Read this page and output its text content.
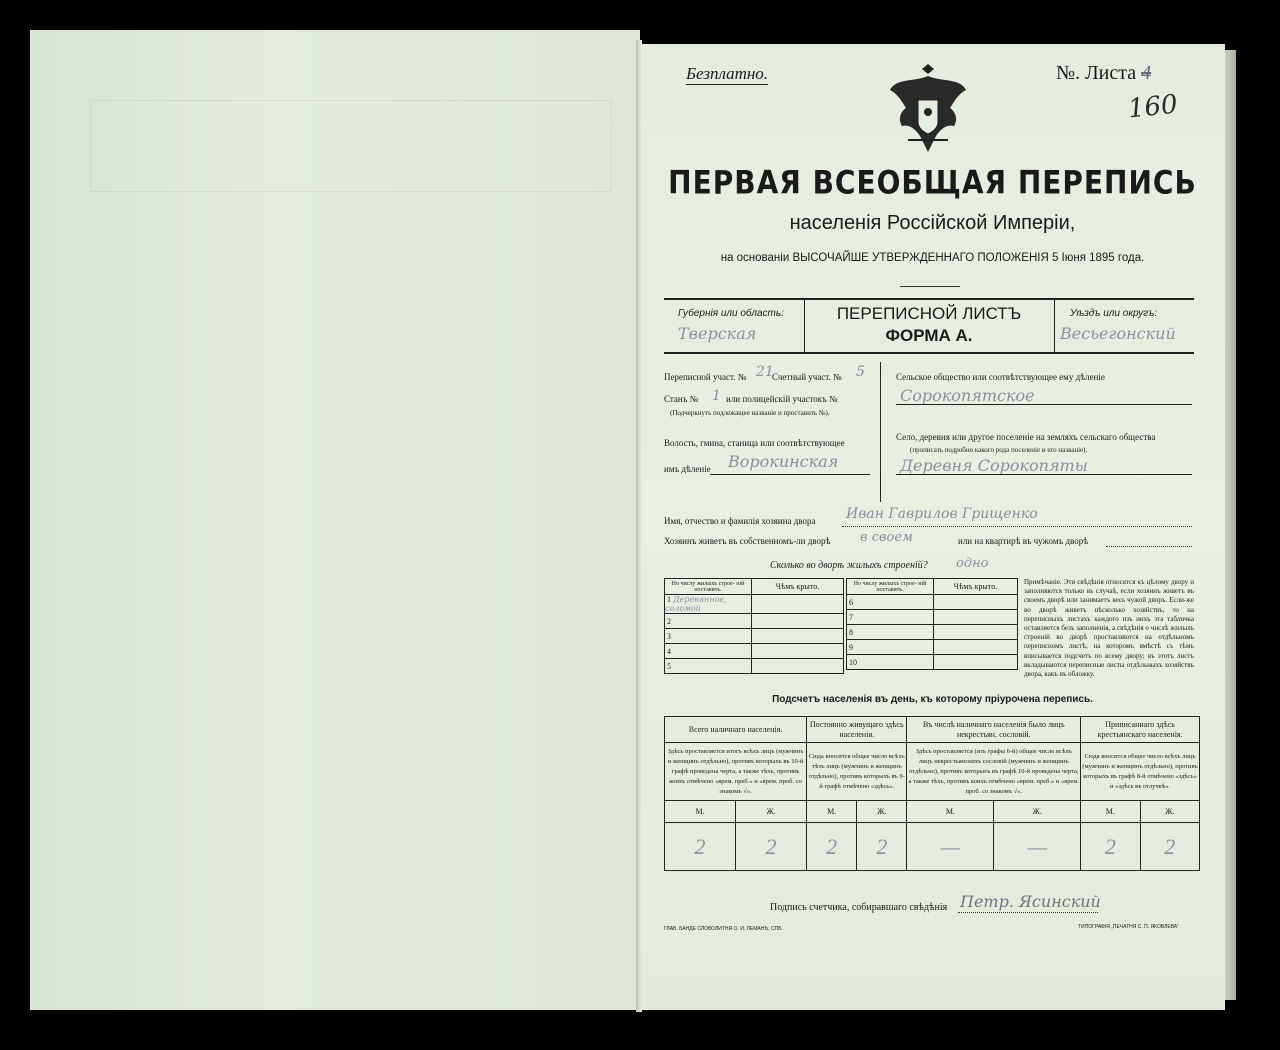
Безплатно.	№. Листа 4
160
ПЕРВАЯ ВСЕОБЩАЯ ПЕРЕПИСЬ
населенія Россійской Имперіи,
на основаніи ВЫСОЧАЙШЕ УТВЕРЖДЕННАГО ПОЛОЖЕНІЯ 5 Іюня 1895 года.
Губернія или область:
Тверская
ПЕРЕПИСНОЙ ЛИСТЪ
ФОРМА А.
Уѣздъ или округъ:
Весьегонский
Переписной участ. № 21
Счетный участ. № 5
Станъ № 1 или полицейскій участокъ №
(Подчеркнуть подлежащее названіе и проставить №).
Волость, гмина, станица или соотвѣтствующее
имъ дѣленіе Ворокинская
Сельское общество или соотвѣтствующее ему дѣленіе
Сорокопятское
Село, деревня или другое поселеніе на земляхъ сельскаго общества
(прописать подробно какого рода поселеніе и его названіе).
Деревня Сорокопяты
Имя, отчество и фамилія хозяина двора Иван Гаврилов Грищенко
Хозяинъ живетъ въ собственномъ-ли дворѣ в своем	или на квартирѣ въ чужомъ дворѣ
Сколько во дворѣ жилыхъ строеній? одно
Но числу жилыхъ строе- ній поставить.	Чѣмъ крыто.
1 Деревянное, соломой	
2	
3	
4	
5	
Но числу жилыхъ строе- ній поставить.	Чѣмъ крыто.
6	
7	
8	
9	
10	
Примѣчаніе. Эти свѣдѣнія относятся къ цѣлому двору и заполняются только въ случаѣ, если хозяинъ живетъ въ своемъ дворѣ или занимаетъ весь чужой дворъ. Если-же во дворѣ живетъ нѣсколько хозяйствъ, то на переписныхъ листахъ каждого изъ нихъ эта табличка оставляется безъ заполненія, а свѣдѣнія о числѣ жилыхъ строеній во дворѣ проставляются на отдѣльномъ переписномъ листѣ, на которомъ вмѣстѣ съ тѣмъ вписывается подсчетъ по всему двору; въ этотъ листъ вкладываются переписные листы отдѣльныхъ хозяйствъ двора, какъ въ обложку.
Подсчетъ населенія въ день, къ которому пріурочена перепись.
Всего наличнаго населенія.		Постоянно живущаго здѣсь населенія.		Въ числѣ наличнаго населенія было лицъ некрестьян. сословій.		Приписаннаго здѣсь крестьянскаго населенія.	
Здѣсь проставляется итогъ всѣхъ лицъ (мужчинъ и женщинъ отдѣльно), противъ которыхъ въ 10-й графѣ проведена черта, а также тѣхъ, противъ коихъ отмѣчено «врем. преб.» и «врем. проб. со знакомъ √».		Сюда вносится общее число всѣхъ тѣхъ лицъ (мужчинъ и женщинъ отдѣльно), противъ которыхъ въ 9-й графѣ отмѣчено «здѣсь».		Здѣсь проставляется (изъ графы 6-й) общее число всѣхъ лицъ некрестьянскихъ сословій (мужчинъ и женщинъ отдѣльно), противъ которыхъ въ графѣ 10-й проведена черта, а также тѣхъ, противъ коихъ отмѣчено «врем. преб.» и «врем. проб. со знакомъ √».		Сюда вносится общее число всѣхъ лицъ (мужчинъ и женщинъ отдѣльно), противъ которыхъ въ графѣ 8-й отмѣчено «здѣсь» и «здѣсь въ отлучкѣ».	
М.	Ж.	М.	Ж.	М.	Ж.	М.	Ж.
2	2	2	2	—	—	2	2
Подпись счетчика, собиравшаго свѣдѣнія Петр. Ясинский
ГЛАВ. БАНДЕ СЛОВОЛИТНЯ О. И. ЛЕМАНЪ, СПБ.	ТИПОГРАФІЯ „ПЕЧАТНЯ С. П. ЯКОВЛЕВА“
